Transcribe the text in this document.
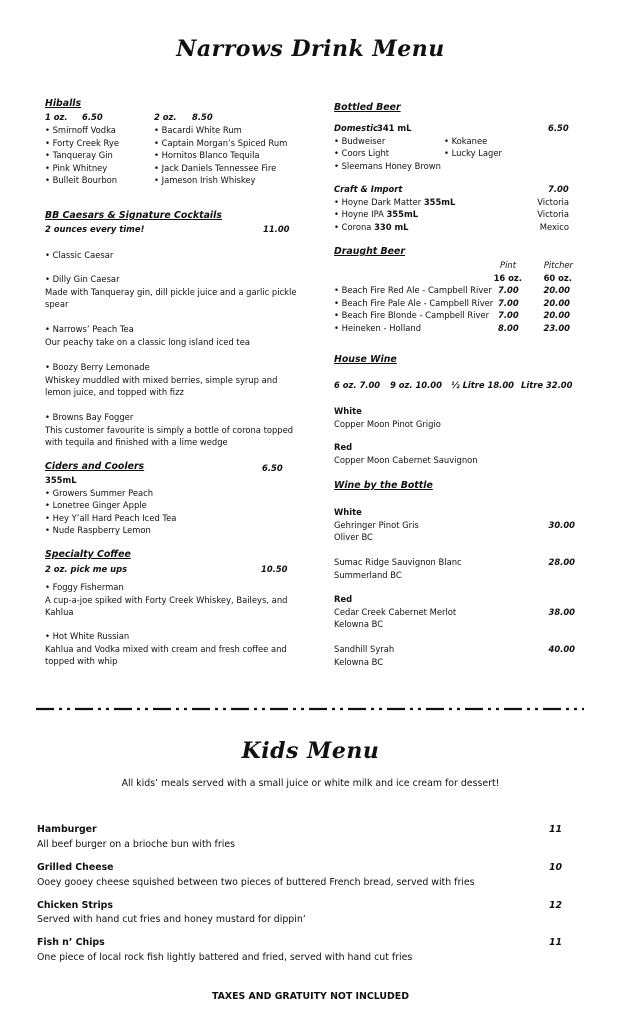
Narrows Drink Menu
Hiballs
1 oz. 6.50	2 oz. 8.50
• Smirnoff Vodka
• Forty Creek Rye
• Tanqueray Gin
• Pink Whitney
• Bulleit Bourbon
• Bacardi White Rum
• Captain Morgan’s Spiced Rum
• Hornitos Blanco Tequila
• Jack Daniels Tennessee Fire
• Jameson Irish Whiskey
BB Caesars & Signature Cocktails
2 ounces every time!	11.00
• Classic Caesar
• Dilly Gin Caesar
Made with Tanqueray gin, dill pickle juice and a garlic pickle spear
• Narrows’ Peach Tea
Our peachy take on a classic long island iced tea
• Boozy Berry Lemonade
Whiskey muddled with mixed berries, simple syrup and lemon juice, and topped with fizz
• Browns Bay Fogger
This customer favourite is simply a bottle of corona topped with tequila and finished with a lime wedge
Ciders and Coolers	6.50
355mL
• Growers Summer Peach
• Lonetree Ginger Apple
• Hey Y’all Hard Peach Iced Tea
• Nude Raspberry Lemon
Specialty Coffee
2 oz. pick me ups	10.50
• Foggy Fisherman
A cup-a-joe spiked with Forty Creek Whiskey, Baileys, and Kahlua
• Hot White Russian
Kahlua and Vodka mixed with cream and fresh coffee and topped with whip
Bottled Beer
Domestic 341 mL	6.50
• Budweiser
• Coors Light
• Sleemans Honey Brown
• Kokanee
• Lucky Lager
Craft & Import	7.00
• Hoyne Dark Matter 355mL	Victoria
• Hoyne IPA 355mL	Victoria
• Corona 330 mL	Mexico
Draught Beer
Pint	Pitcher
16 oz.	60 oz.
• Beach Fire Red Ale - Campbell River 7.00	20.00
• Beach Fire Pale Ale - Campbell River 7.00	20.00
• Beach Fire Blonde - Campbell River 7.00	20.00
• Heineken - Holland	8.00	23.00
House Wine
6 oz. 7.00 9 oz. 10.00 ½ Litre 18.00 Litre 32.00
White
Copper Moon Pinot Grigio
Red
Copper Moon Cabernet Sauvignon
Wine by the Bottle
White
Gehringer Pinot Gris	30.00
Oliver BC
Sumac Ridge Sauvignon Blanc	28.00
Summerland BC
Red
Cedar Creek Cabernet Merlot	38.00
Kelowna BC
Sandhill Syrah	40.00
Kelowna BC
Kids Menu
All kids’ meals served with a small juice or white milk and ice cream for dessert!
Hamburger	11
All beef burger on a brioche bun with fries
Grilled Cheese	10
Ooey gooey cheese squished between two pieces of buttered French bread, served with fries
Chicken Strips	12
Served with hand cut fries and honey mustard for dippin’
Fish n’ Chips	11
One piece of local rock fish lightly battered and fried, served with hand cut fries
TAXES AND GRATUITY NOT INCLUDED
